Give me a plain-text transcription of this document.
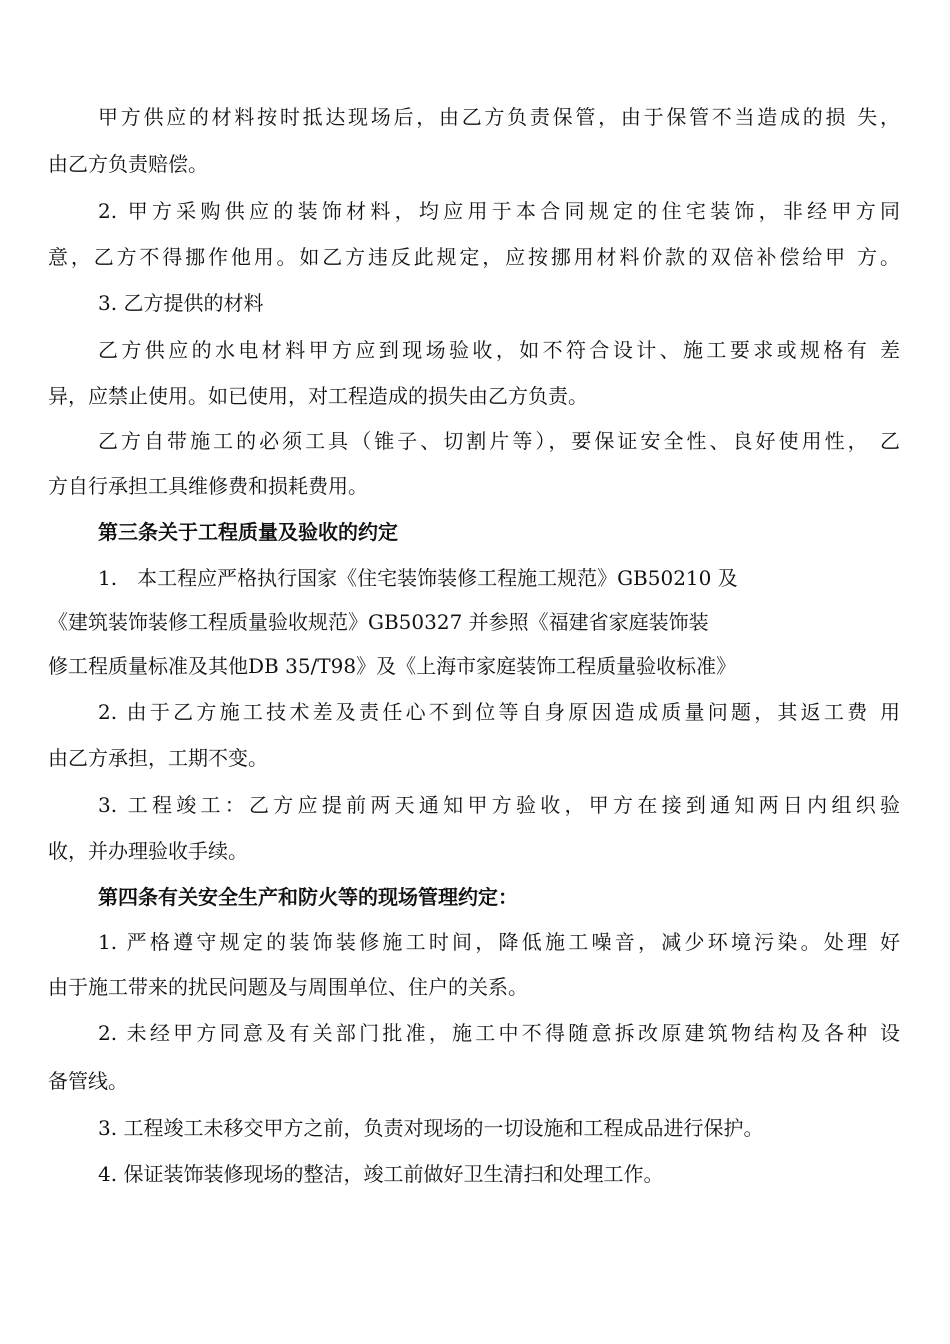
甲方供应的材料按时抵达现场后，由乙方负责保管，由于保管不当造成的损 失，
由乙方负责赔偿。
2. 甲方采购供应的装饰材料，均应用于本合同规定的住宅装饰，非经甲方同
意，乙方不得挪作他用。如乙方违反此规定，应按挪用材料价款的双倍补偿给甲 方。
3. 乙方提供的材料
乙方供应的水电材料甲方应到现场验收，如不符合设计、施工要求或规格有 差
异，应禁止使用。如已使用，对工程造成的损失由乙方负责。
乙方自带施工的必须工具（锥子、切割片等），要保证安全性、良好使用性， 乙
方自行承担工具维修费和损耗费用。
第三条关于工程质量及验收的约定
1.　本工程应严格执行国家《住宅装饰装修工程施工规范》GB50210 及
《建筑装饰装修工程质量验收规范》GB50327 并参照《福建省家庭装饰装
修工程质量标准及其他DB 35/T98》及《上海市家庭装饰工程质量验收标准》
2. 由于乙方施工技术差及责任心不到位等自身原因造成质量问题，其返工费 用
由乙方承担，工期不变。
3. 工程竣工：乙方应提前两天通知甲方验收，甲方在接到通知两日内组织验
收，并办理验收手续。
第四条有关安全生产和防火等的现场管理约定：
1. 严格遵守规定的装饰装修施工时间，降低施工噪音，减少环境污染。处理 好
由于施工带来的扰民问题及与周围单位、住户的关系。
2. 未经甲方同意及有关部门批准，施工中不得随意拆改原建筑物结构及各种 设
备管线。
3. 工程竣工未移交甲方之前，负责对现场的一切设施和工程成品进行保护。
4. 保证装饰装修现场的整洁，竣工前做好卫生清扫和处理工作。
